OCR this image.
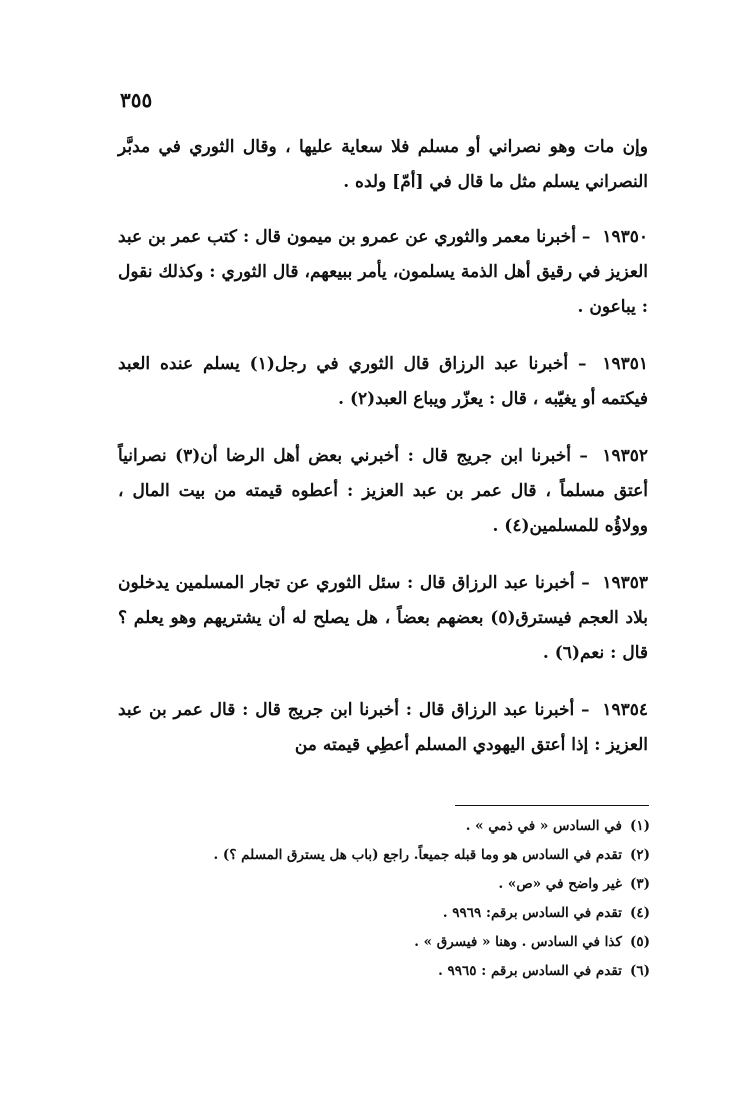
٣٥٥

وإن مات وهو نصراني أو مسلم فلا سعاية عليها ، وقال الثوري في مدبَّر النصراني يسلم مثل ما قال في [أمّ] ولده .

١٩٣٥٠ – أخبرنا معمر والثوري عن عمرو بن ميمون قال : كتب عمر بن عبد العزيز في رقيق أهل الذمة يسلمون، يأمر ببيعهم، قال الثوري : وكذلك نقول : يباعون .

١٩٣٥١ – أخبرنا عبد الرزاق قال الثوري في رجل(١) يسلم عنده العبد فيكتمه أو يغيّبه ، قال : يعزّر ويباع العبد(٢) .

١٩٣٥٢ – أخبرنا ابن جريج قال : أخبرني بعض أهل الرضا أن(٣) نصرانياً أعتق مسلماً ، قال عمر بن عبد العزيز : أعطوه قيمته من بيت المال ، وولاؤُه للمسلمين(٤) .

١٩٣٥٣ – أخبرنا عبد الرزاق قال : سئل الثوري عن تجار المسلمين يدخلون بلاد العجم فيسترق(٥) بعضهم بعضاً ، هل يصلح له أن يشتريهم وهو يعلم ؟ قال : نعم(٦) .

١٩٣٥٤ – أخبرنا عبد الرزاق قال : أخبرنا ابن جريج قال : قال عمر بن عبد العزيز : إذا أعتق اليهودي المسلم أعطِي قيمته من

(١)في السادس « في ذمي » .
(٢)تقدم في السادس هو وما قبله جميعاً. راجع (باب هل يسترق المسلم ؟) .
(٣)غير واضح في «ص» .
(٤)تقدم في السادس برقم: ٩٩٦٩ .
(٥)كذا في السادس . وهنا « فيسرق » .
(٦)تقدم في السادس برقم : ٩٩٦٥ .
